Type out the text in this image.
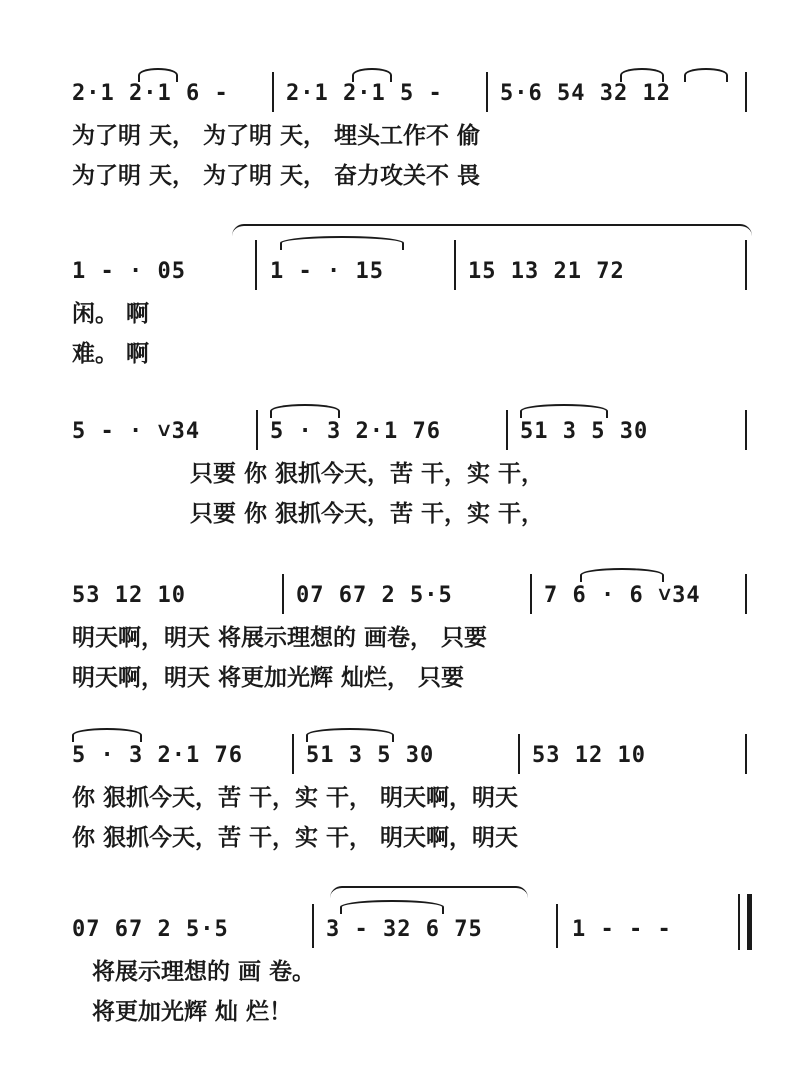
2·1 2·1 6 -	2·1 2·1 5 -	5·6 54 32 12
为了明 天， 为了明 天， 埋头工作不 偷
为了明 天， 为了明 天， 奋力攻关不 畏
1 - · 05	1 - · 15	15 13 21 72
闲。 啊
难。 啊
5 - · ˅34	5 · 3 2·1 76	51 3 5 30
只要 你 狠抓今天，苦 干，实 干，
只要 你 狠抓今天，苦 干，实 干，
53 12 10	07 67 2 5·5	7 6 · 6 ˅34
明天啊，明天 将展示理想的 画卷， 只要
明天啊，明天 将更加光辉 灿烂， 只要
5 · 3 2·1 76	51 3 5 30	53 12 10
你 狠抓今天，苦 干，实 干， 明天啊，明天
你 狠抓今天，苦 干，实 干， 明天啊，明天
07 67 2 5·5	3 - 32 6 75	1 - - -
将展示理想的 画 卷。
将更加光辉 灿 烂！
